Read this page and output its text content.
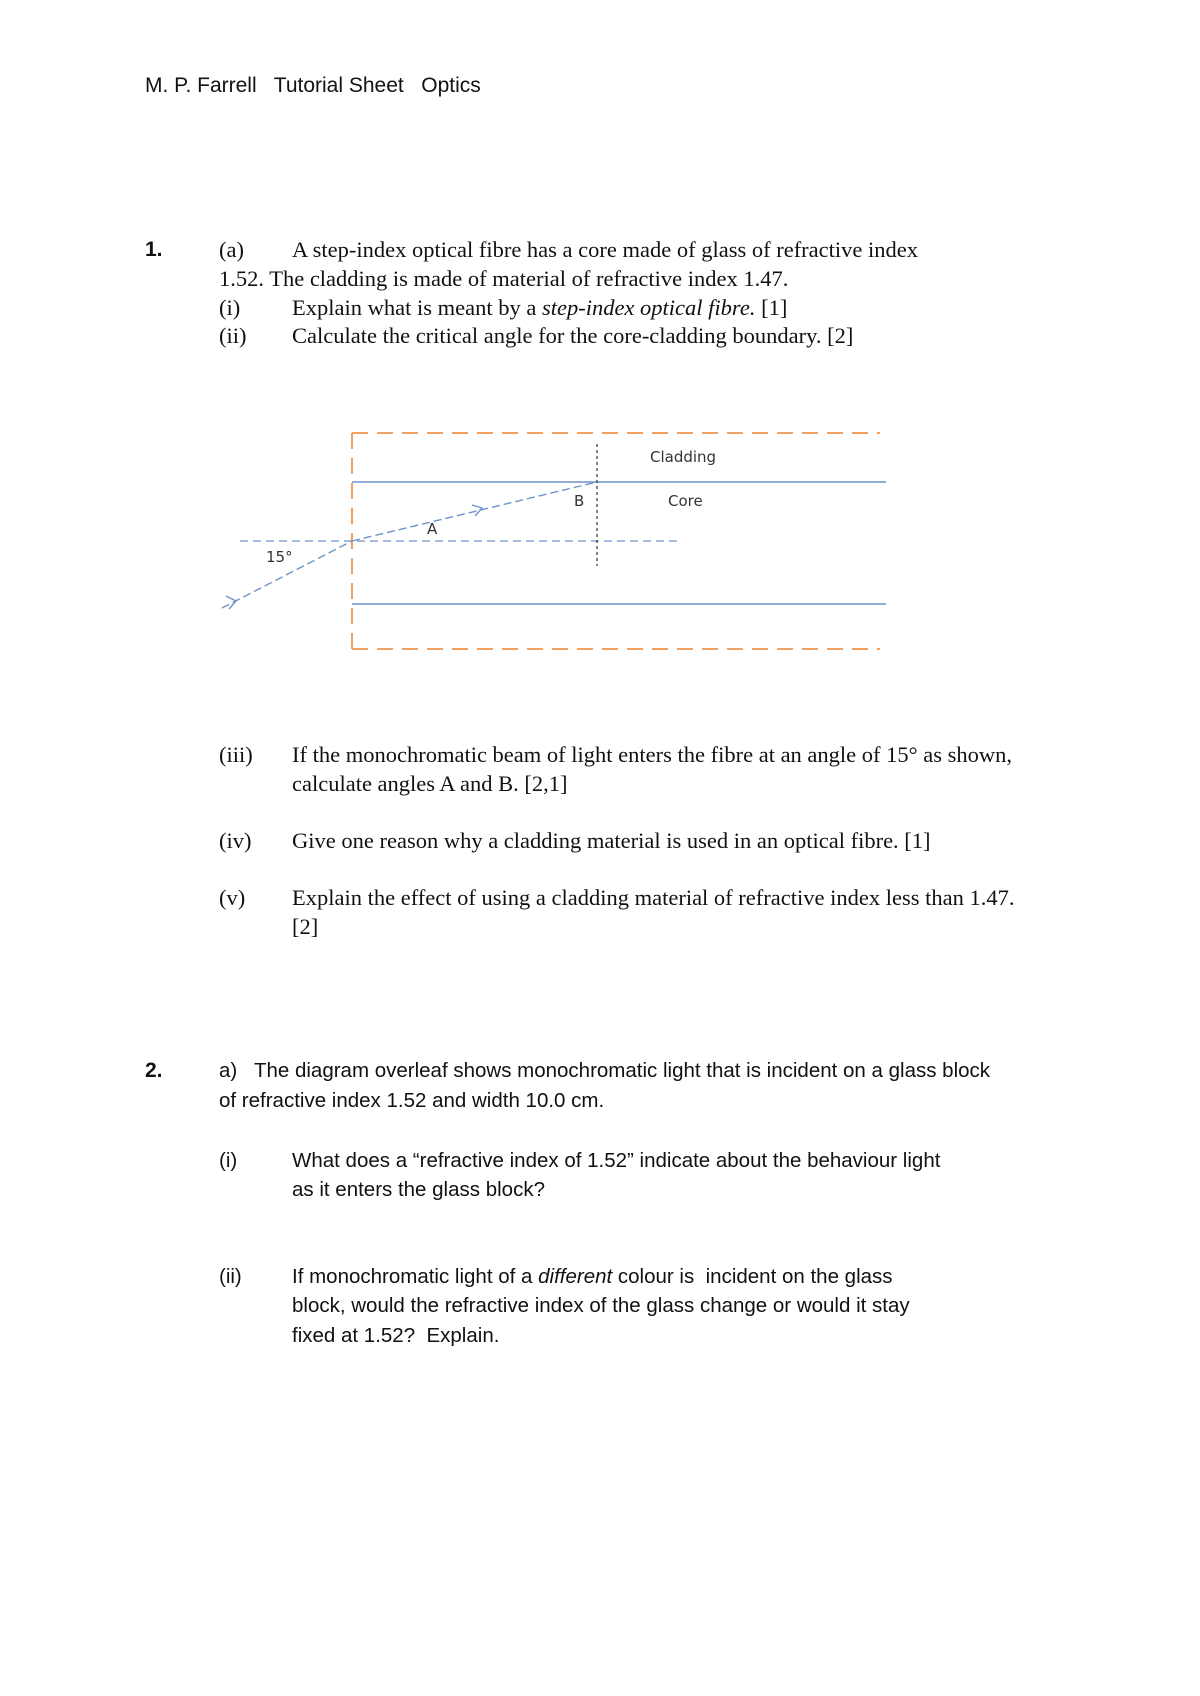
M. P. Farrell Tutorial Sheet Optics
1.	(a) A step-index optical fibre has a core made of glass of refractive index
1.52. The cladding is made of material of refractive index 1.47.
(i) Explain what is meant by a step-index optical fibre. [1]
(ii) Calculate the critical angle for the core-cladding boundary. [2]
Cladding
Core
B
A
15°
(iii) If the monochromatic beam of light enters the fibre at an angle of 15° as shown,
calculate angles A and B. [2,1]
(iv) Give one reason why a cladding material is used in an optical fibre. [1]
(v) Explain the effect of using a cladding material of refractive index less than 1.47.
[2]
2.	a)   The diagram overleaf shows monochromatic light that is incident on a glass block
of refractive index 1.52 and width 10.0 cm.
(i)	What does a “refractive index of 1.52” indicate about the behaviour light
as it enters the glass block?
(ii) If monochromatic light of a different colour is  incident on the glass
block, would the refractive index of the glass change or would it stay
fixed at 1.52?  Explain.
